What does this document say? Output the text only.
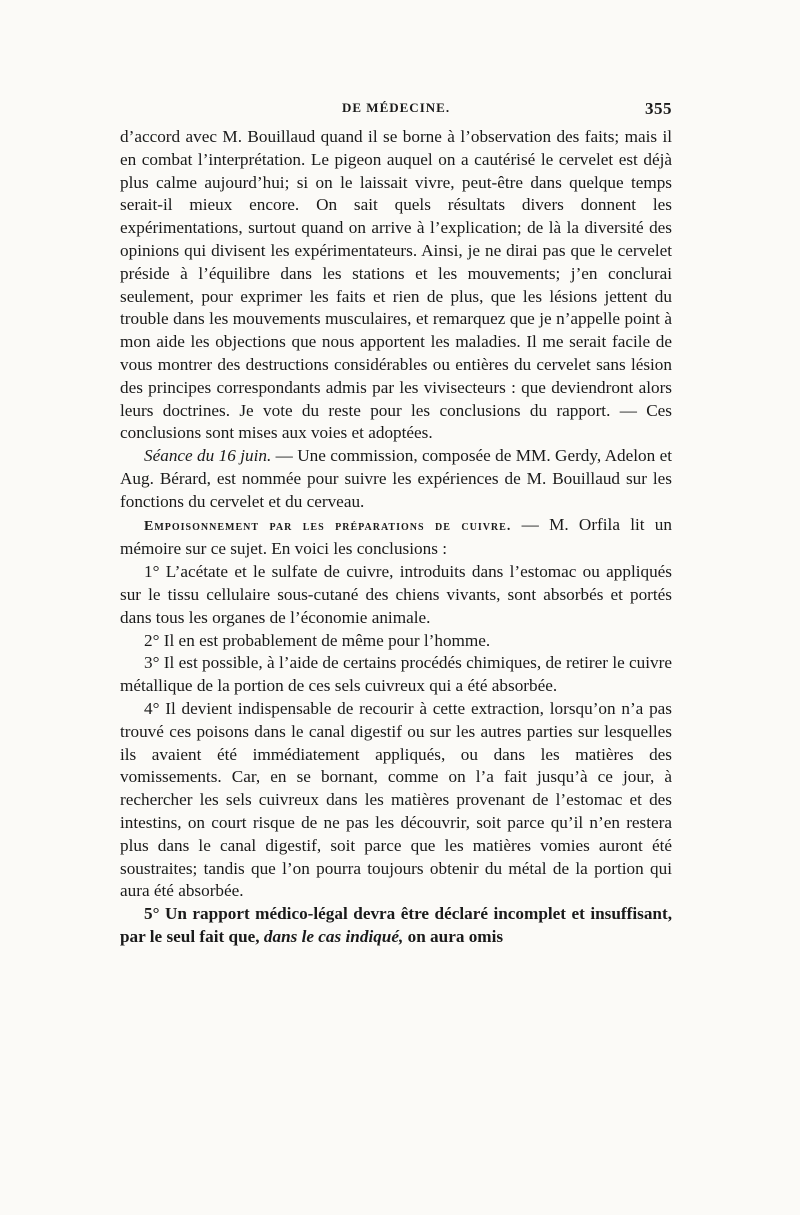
DE MÉDECINE.	355

d’accord avec M. Bouillaud quand il se borne à l’observation des faits; mais il en combat l’interprétation. Le pigeon auquel on a cautérisé le cervelet est déjà plus calme aujourd’hui; si on le laissait vivre, peut-être dans quelque temps serait-il mieux encore. On sait quels résultats divers donnent les expérimentations, surtout quand on arrive à l’explication; de là la diversité des opinions qui divisent les expérimentateurs. Ainsi, je ne dirai pas que le cervelet préside à l’équilibre dans les stations et les mouvements; j’en conclurai seulement, pour exprimer les faits et rien de plus, que les lésions jettent du trouble dans les mouvements musculaires, et remarquez que je n’appelle point à mon aide les objections que nous apportent les maladies. Il me serait facile de vous montrer des destructions considérables ou entières du cervelet sans lésion des principes correspondants admis par les vivisecteurs : que deviendront alors leurs doctrines. Je vote du reste pour les conclusions du rapport. — Ces conclusions sont mises aux voies et adoptées.

Séance du 16 juin. — Une commission, composée de MM. Gerdy, Adelon et Aug. Bérard, est nommée pour suivre les expériences de M. Bouillaud sur les fonctions du cervelet et du cerveau.

Empoisonnement par les préparations de cuivre. — M. Orfila lit un mémoire sur ce sujet. En voici les conclusions :

1° L’acétate et le sulfate de cuivre, introduits dans l’estomac ou appliqués sur le tissu cellulaire sous-cutané des chiens vivants, sont absorbés et portés dans tous les organes de l’économie animale.

2° Il en est probablement de même pour l’homme.

3° Il est possible, à l’aide de certains procédés chimiques, de retirer le cuivre métallique de la portion de ces sels cuivreux qui a été absorbée.

4° Il devient indispensable de recourir à cette extraction, lorsqu’on n’a pas trouvé ces poisons dans le canal digestif ou sur les autres parties sur lesquelles ils avaient été immédiatement appliqués, ou dans les matières des vomissements. Car, en se bornant, comme on l’a fait jusqu’à ce jour, à rechercher les sels cuivreux dans les matières provenant de l’estomac et des intestins, on court risque de ne pas les découvrir, soit parce qu’il n’en restera plus dans le canal digestif, soit parce que les matières vomies auront été soustraites; tandis que l’on pourra toujours obtenir du métal de la portion qui aura été absorbée.

5° Un rapport médico-légal devra être déclaré incomplet et insuffisant, par le seul fait que, dans le cas indiqué, on aura omis
